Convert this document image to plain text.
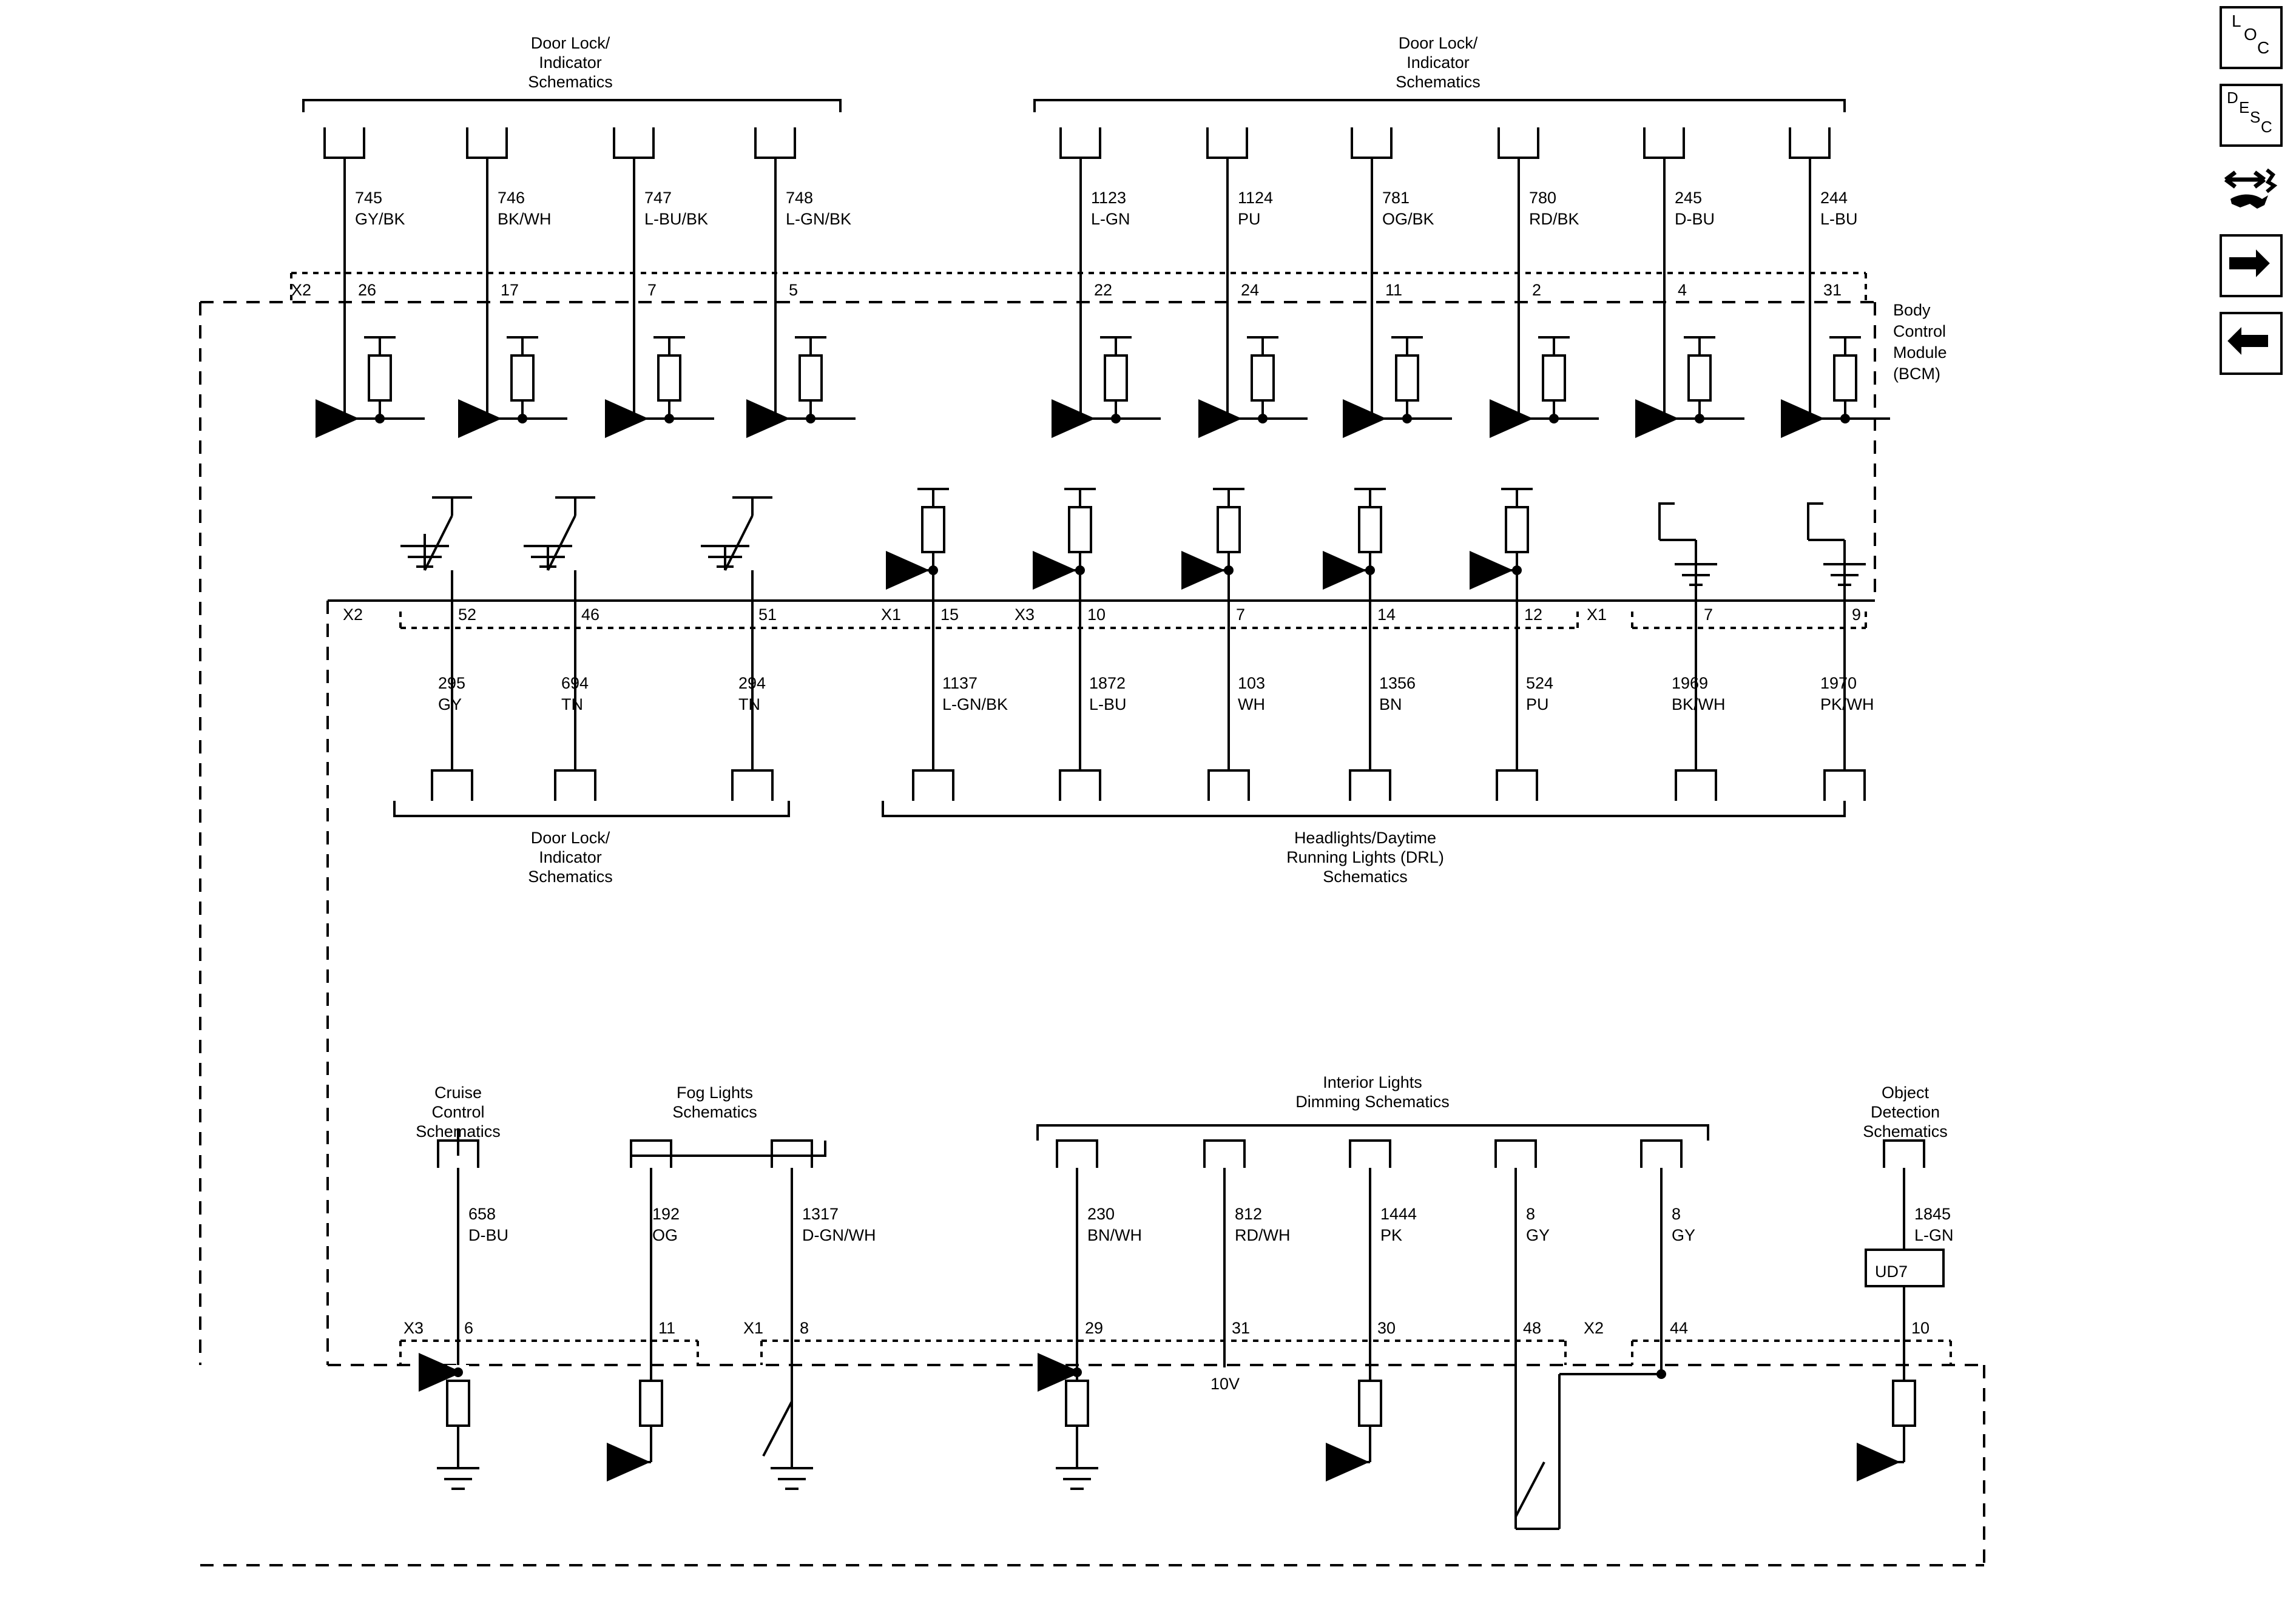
Door Lock/
Indicator
Schematics
Door Lock/
Indicator
Schematics
Door Lock/
Indicator
Schematics
Headlights/Daytime
Running Lights (DRL)
Schematics
Cruise
Control
Schematics
Fog Lights
Schematics
Interior Lights
Dimming Schematics	Object
Detection
Schematics
Body
Control
Module
(BCM)
745
GY/BK
746
BK/WH
747
L-BU/BK
748
L-GN/BK
1123
L-GN
1124
PU
781
OG/BK
780
RD/BK
245
D-BU
244
L-BU
X2	26	17	7	5	22	24	11	2	4	31
X2	52	46	51	X1 15	X3	10	7	14	12	X1	7	9
295
GY
694
TN
294
TN
1137
L-GN/BK
1872
L-BU
103
WH
1356
BN
524
PU
1969
BK/WH
1970
PK/WH
658
D-BU
192
OG
1317
D-GN/WH
230
BN/WH
812
RD/WH
1444
PK
8
GY
8
GY
1845
L-GN
X3 6	11	X1 8	29	31	30	48	X2	44	10
10V
UD7
L
O
C
D
E
S
C
